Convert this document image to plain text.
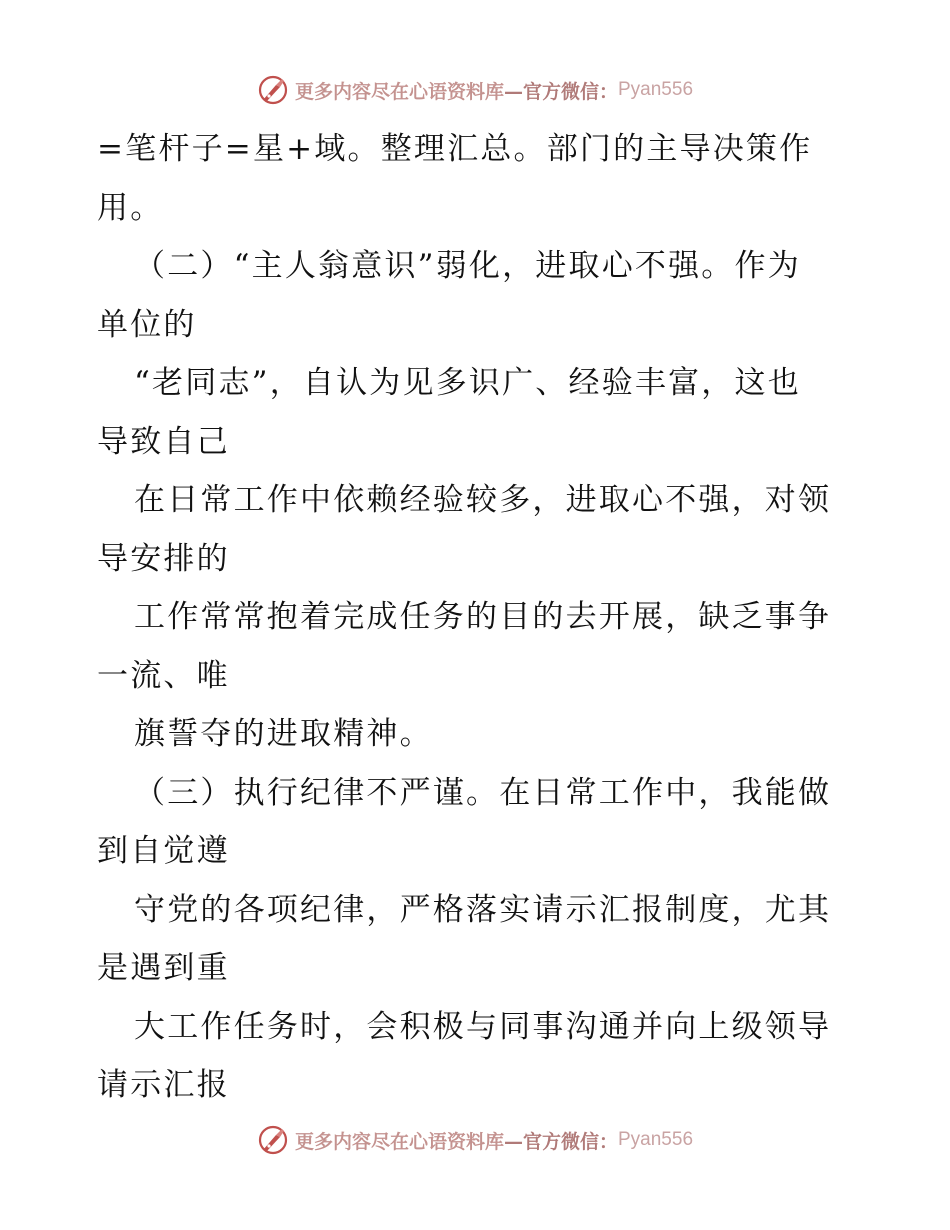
更多内容尽在心语资料库—官方微信： Pyan556
=笔杆子=星+域。整理汇总。部门的主导决策作
用。
（二）“主人翁意识”弱化，进取心不强。作为
单位的
“老同志”，自认为见多识广、经验丰富，这也
导致自己
在日常工作中依赖经验较多，进取心不强，对领
导安排的
工作常常抱着完成任务的目的去开展，缺乏事争
一流、唯
旗誓夺的进取精神。
（三）执行纪律不严谨。在日常工作中，我能做
到自觉遵
守党的各项纪律，严格落实请示汇报制度，尤其
是遇到重
大工作任务时，会积极与同事沟通并向上级领导
请示汇报
更多内容尽在心语资料库—官方微信： Pyan556
